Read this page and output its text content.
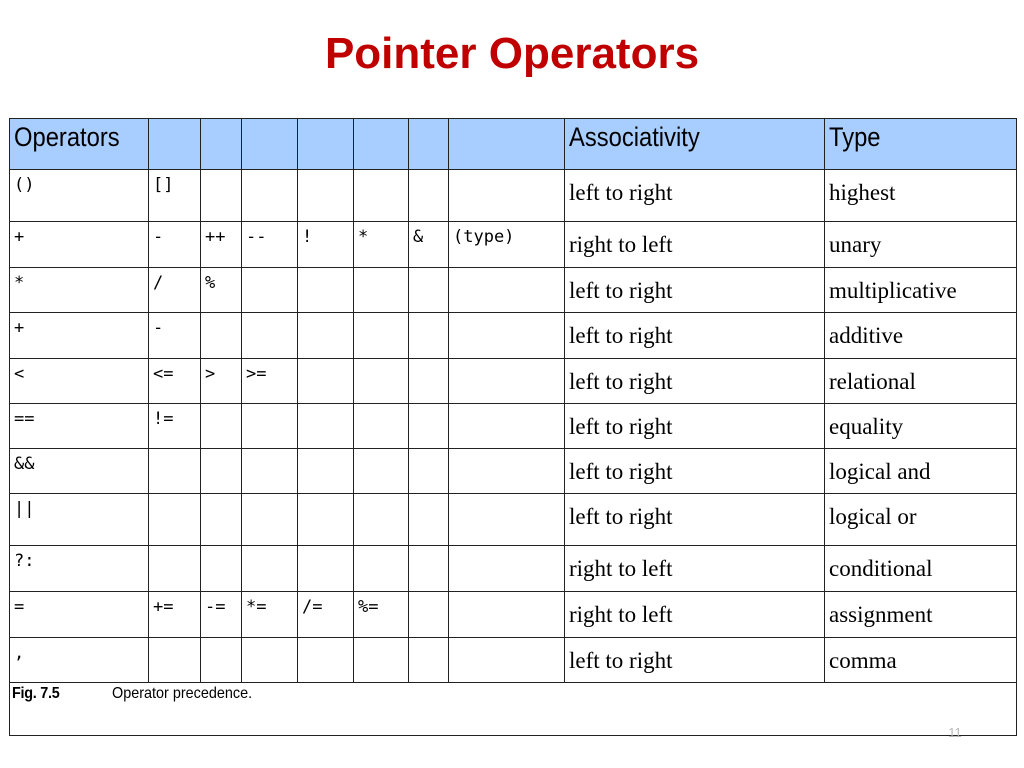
Pointer Operators
Operators								Associativity	Type
()	[]							left to right	highest

+	-	++	--	!	*	&	(type)	right to left	unary

*	/	%						left to right	multiplicative

+	-							left to right	additive

<	<=	>	>=					left to right	relational

==	!=							left to right	equality

&&								left to right	logical and

||								left to right	logical or

?:								right to left	conditional

=	+=	-=	*=	/=	%=			right to left	assignment

,								left to right	comma

Fig. 7.5 Operator precedence.									
11
